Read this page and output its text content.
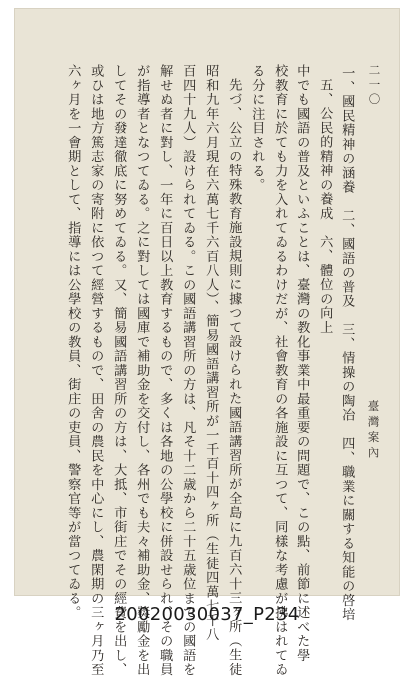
二一〇
臺灣案內
一、國民精神の涵養　二、國語の普及　三、情操の陶冶　四、職業に關する知能の啓培
五、公民的精神の養成　六、體位の向上
中でも國語の普及といふことは、臺灣の教化事業中最重要の問題で、この點、前節に述べた學
校教育に於ても力を入れてゐるわけだが、社會教育の各施設に互つて、同樣な考慮が拂はれてゐ
る分に注目される。
先づ、公立の特殊教育施設規則に據つて設けられた國語講習所が全島に九百六十三ヶ所（生徒
昭和九年六月現在六萬七千六百八人）、簡易國語講習所が一千百十四ヶ所（生徒四萬七千八
百四十九人）設けられてゐる。この國語講習所の方は、凡そ十二歳から二十五歳位までの國語を
解せぬ者に對し、一年に百日以上教育するもので、多くは各地の公學校に併設せられ、その職員
が指導者となつてゐる。之に對しては國庫で補助金を交付し、各州でも夫々補助金、獎勵金を出
してその發達徹底に努めてゐる。又、簡易國語講習所の方は、大抵、市街庄でその經費を出し、
或ひは地方篤志家の寄附に依つて經營するもので、田舍の農民を中心にし、農閑期の三ヶ月乃至
六ヶ月を一會期として、指導には公學校の教員、街庄の吏員、警察官等が當つてゐる。	20020030037_P234
